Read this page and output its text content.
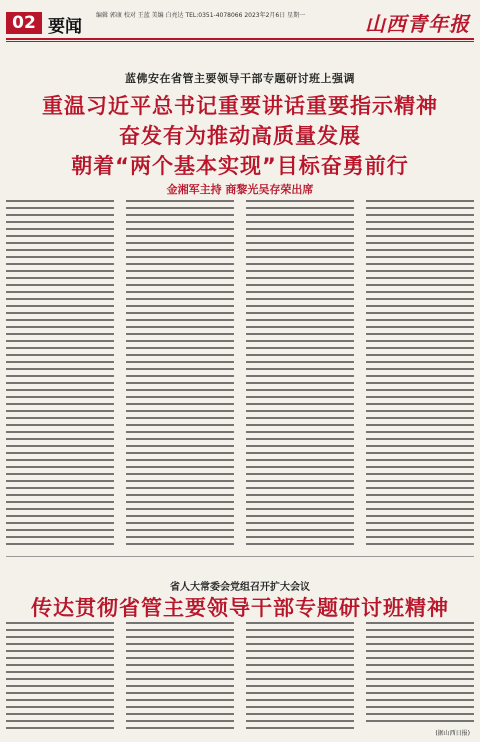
02 要闻
编辑 郭康 校对 王蓝 美编 白亮达 TEL:0351-4078066 2023年2月6日 星期一	山西青年报
蓝佛安在省管主要领导干部专题研讨班上强调
重温习近平总书记重要讲话重要指示精神
奋发有为推动高质量发展
朝着“两个基本实现”目标奋勇前行
金湘军主持 商黎光吴存荣出席
省人大常委会党组召开扩大会议
传达贯彻省管主要领导干部专题研讨班精神
(据山西日报)
